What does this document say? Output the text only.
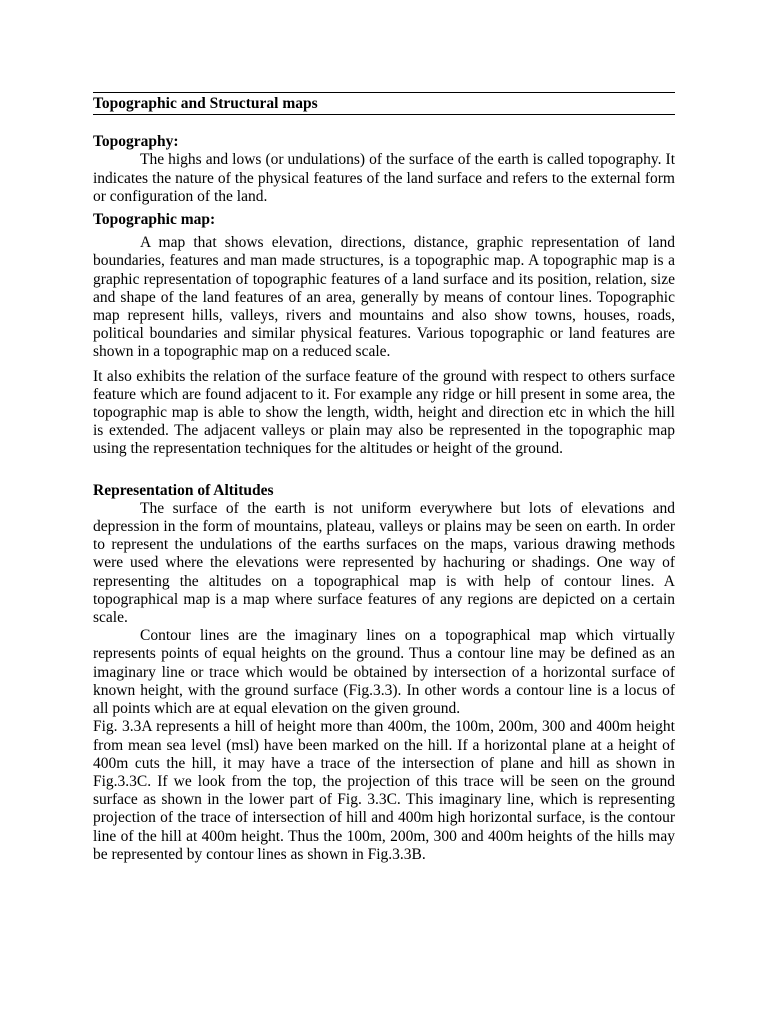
Topographic and Structural maps
Topography:

The highs and lows (or undulations) of the surface of the earth is called topography. It indicates the nature of the physical features of the land surface and refers to the external form or configuration of the land.

Topographic map:

A map that shows elevation, directions, distance, graphic representation of land boundaries, features and man made structures, is a topographic map. A topographic map is a graphic representation of topographic features of a land surface and its position, relation, size and shape of the land features of an area, generally by means of contour lines. Topographic map represent hills, valleys, rivers and mountains and also show towns, houses, roads, political boundaries and similar physical features. Various topographic or land features are shown in a topographic map on a reduced scale.

It also exhibits the relation of the surface feature of the ground with respect to others surface feature which are found adjacent to it. For example any ridge or hill present in some area, the topographic map is able to show the length, width, height and direction etc in which the hill is extended. The adjacent valleys or plain may also be represented in the topographic map using the representation techniques for the altitudes or height of the ground.

Representation of Altitudes

The surface of the earth is not uniform everywhere but lots of elevations and depression in the form of mountains, plateau, valleys or plains may be seen on earth. In order to represent the undulations of the earths surfaces on the maps, various drawing methods were used where the elevations were represented by hachuring or shadings. One way of representing the altitudes on a topographical map is with help of contour lines. A topographical map is a map where surface features of any regions are depicted on a certain scale.

Contour lines are the imaginary lines on a topographical map which virtually represents points of equal heights on the ground. Thus a contour line may be defined as an imaginary line or trace which would be obtained by intersection of a horizontal surface of known height, with the ground surface (Fig.3.3). In other words a contour line is a locus of all points which are at equal elevation on the given ground.

Fig. 3.3A represents a hill of height more than 400m, the 100m, 200m, 300 and 400m height from mean sea level (msl) have been marked on the hill. If a horizontal plane at a height of 400m cuts the hill, it may have a trace of the intersection of plane and hill as shown in Fig.3.3C. If we look from the top, the projection of this trace will be seen on the ground surface as shown in the lower part of Fig. 3.3C. This imaginary line, which is representing projection of the trace of intersection of hill and 400m high horizontal surface, is the contour line of the hill at 400m height. Thus the 100m, 200m, 300 and 400m heights of the hills may be represented by contour lines as shown in Fig.3.3B.
